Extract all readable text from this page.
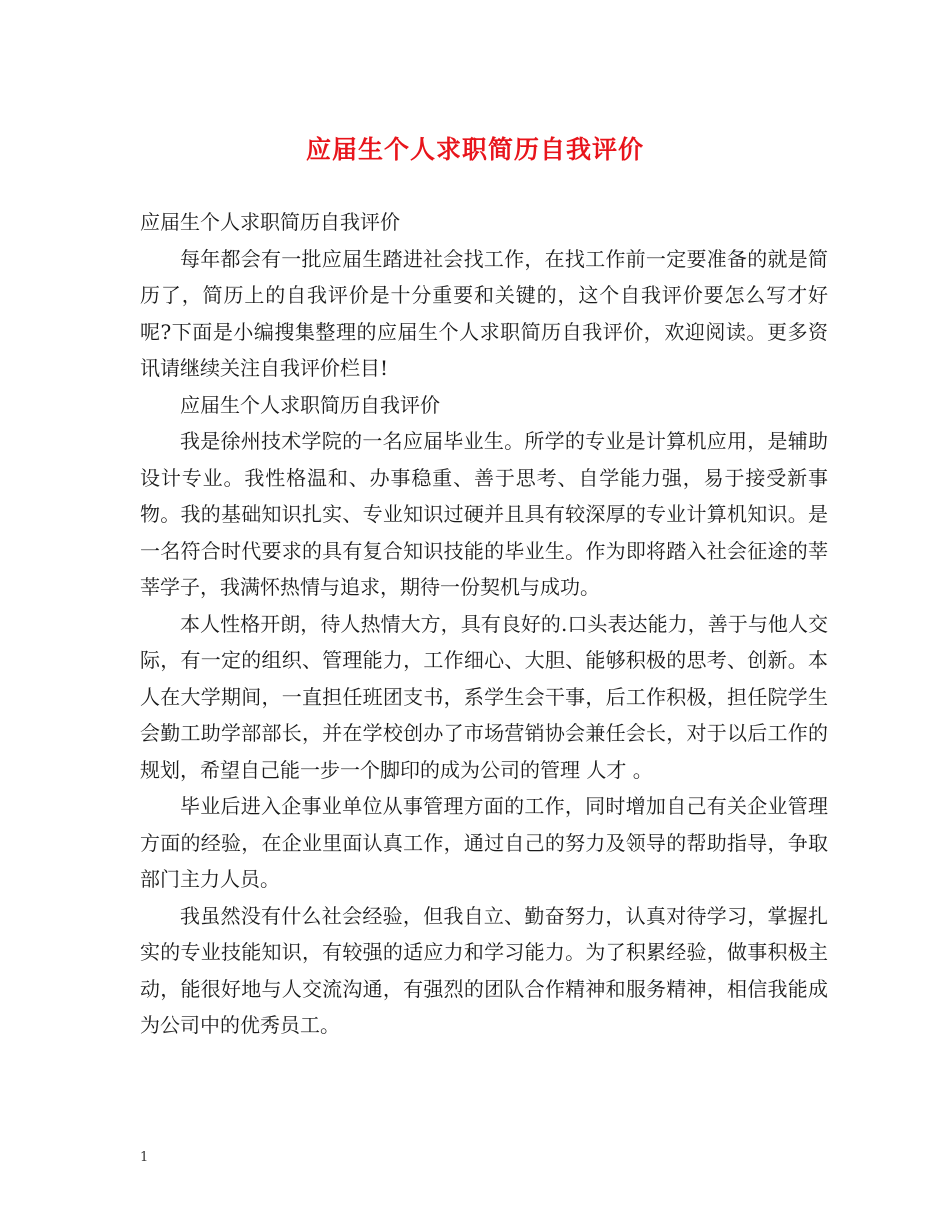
应届生个人求职简历自我评价

应届生个人求职简历自我评价

每年都会有一批应届生踏进社会找工作，在找工作前一定要准备的就是简历了，简历上的自我评价是十分重要和关键的，这个自我评价要怎么写才好呢?下面是小编搜集整理的应届生个人求职简历自我评价，欢迎阅读。更多资讯请继续关注自我评价栏目!

应届生个人求职简历自我评价

我是徐州技术学院的一名应届毕业生。所学的专业是计算机应用，是辅助设计专业。我性格温和、办事稳重、善于思考、自学能力强，易于接受新事物。我的基础知识扎实、专业知识过硬并且具有较深厚的专业计算机知识。是一名符合时代要求的具有复合知识技能的毕业生。作为即将踏入社会征途的莘莘学子，我满怀热情与追求，期待一份契机与成功。

本人性格开朗，待人热情大方，具有良好的.口头表达能力，善于与他人交际，有一定的组织、管理能力，工作细心、大胆、能够积极的思考、创新。本人在大学期间，一直担任班团支书，系学生会干事，后工作积极，担任院学生会勤工助学部部长，并在学校创办了市场营销协会兼任会长，对于以后工作的规划，希望自己能一步一个脚印的成为公司的管理 人才 。

毕业后进入企事业单位从事管理方面的工作，同时增加自己有关企业管理方面的经验，在企业里面认真工作，通过自己的努力及领导的帮助指导，争取部门主力人员。

我虽然没有什么社会经验，但我自立、勤奋努力，认真对待学习，掌握扎实的专业技能知识，有较强的适应力和学习能力。为了积累经验，做事积极主动，能很好地与人交流沟通，有强烈的团队合作精神和服务精神，相信我能成为公司中的优秀员工。

1
